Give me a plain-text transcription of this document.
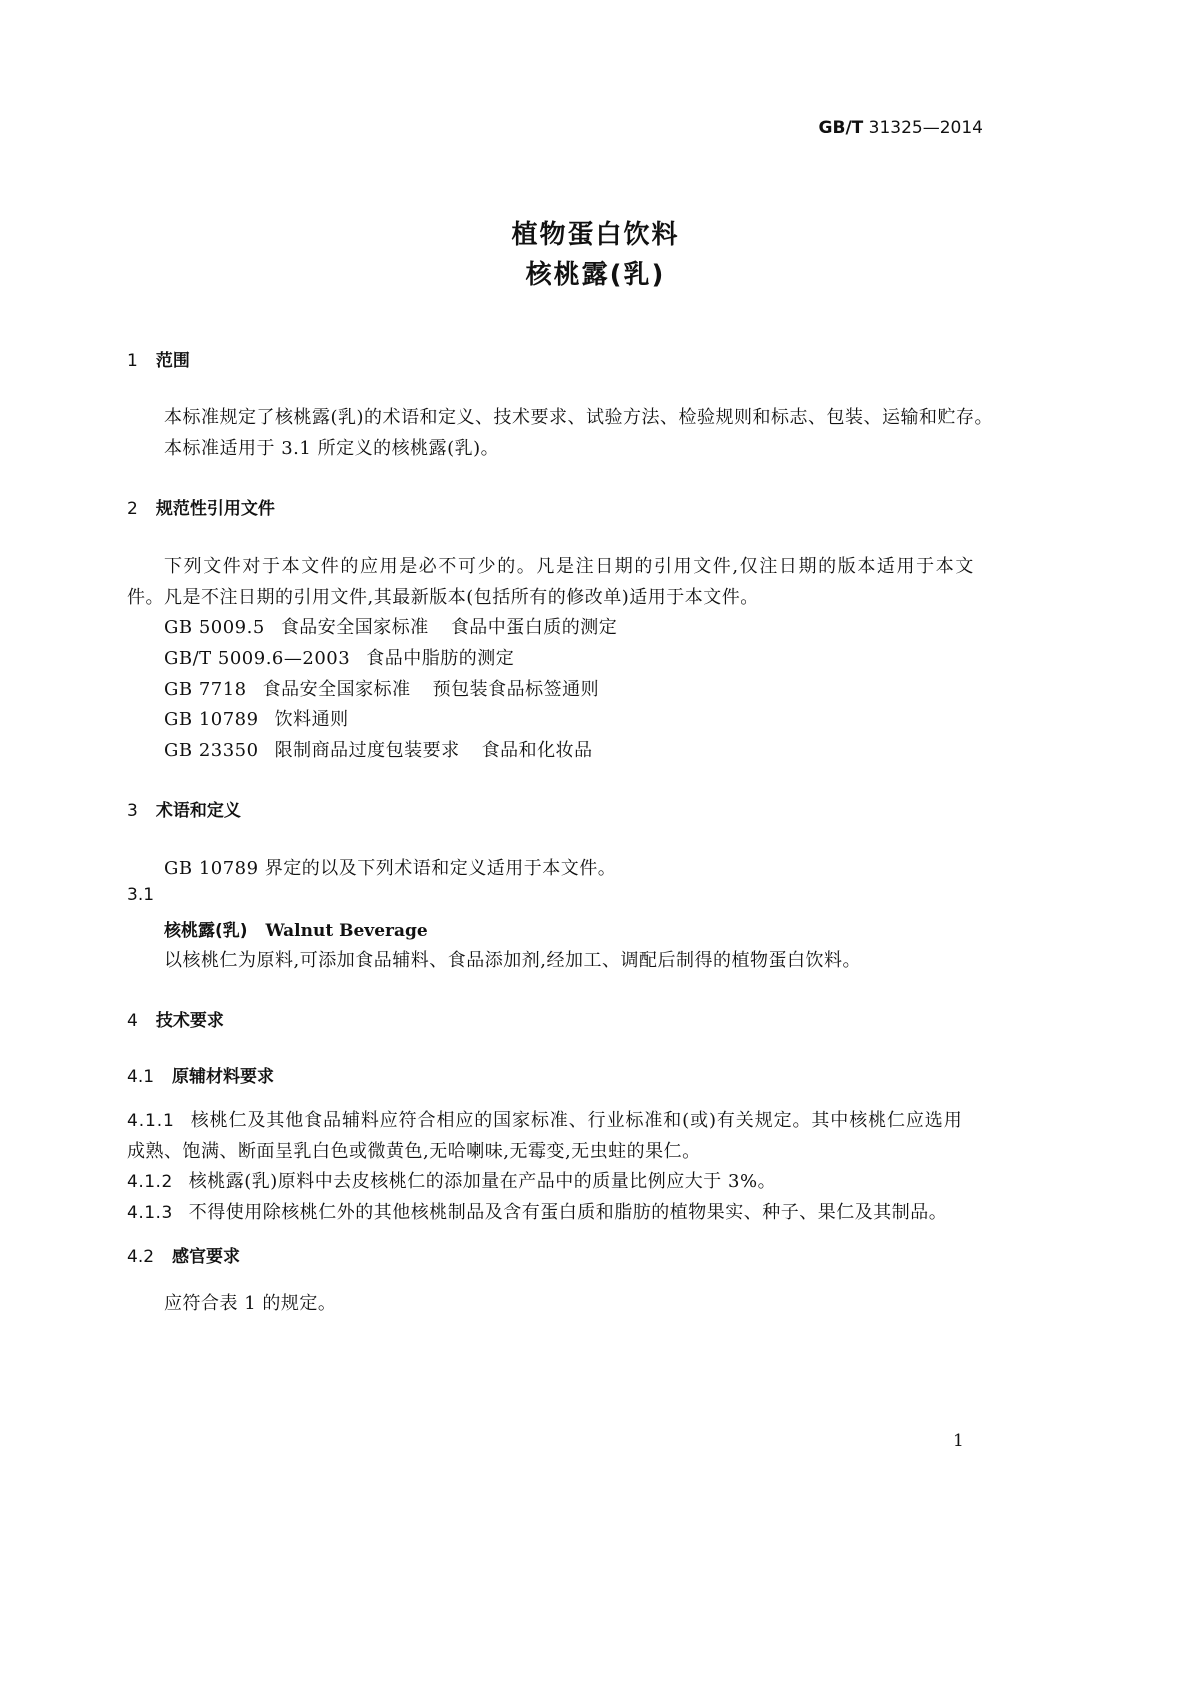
GB/T 31325—2014
植物蛋白饮料
核桃露(乳)
1 范围
本标准规定了核桃露(乳)的术语和定义、技术要求、试验方法、检验规则和标志、包装、运输和贮存。
本标准适用于 3.1 所定义的核桃露(乳)。
2 规范性引用文件
下列文件对于本文件的应用是必不可少的。凡是注日期的引用文件,仅注日期的版本适用于本文
件。凡是不注日期的引用文件,其最新版本(包括所有的修改单)适用于本文件。
GB 5009.5 食品安全国家标准 食品中蛋白质的测定
GB/T 5009.6—2003 食品中脂肪的测定
GB 7718 食品安全国家标准 预包装食品标签通则
GB 10789 饮料通则
GB 23350 限制商品过度包装要求 食品和化妆品
3 术语和定义
GB 10789 界定的以及下列术语和定义适用于本文件。
3.1
核桃露(乳) Walnut Beverage
以核桃仁为原料,可添加食品辅料、食品添加剂,经加工、调配后制得的植物蛋白饮料。
4 技术要求
4.1 原辅材料要求
4.1.1 核桃仁及其他食品辅料应符合相应的国家标准、行业标准和(或)有关规定。其中核桃仁应选用
成熟、饱满、断面呈乳白色或微黄色,无哈喇味,无霉变,无虫蛀的果仁。
4.1.2 核桃露(乳)原料中去皮核桃仁的添加量在产品中的质量比例应大于 3%。
4.1.3 不得使用除核桃仁外的其他核桃制品及含有蛋白质和脂肪的植物果实、种子、果仁及其制品。
4.2 感官要求
应符合表 1 的规定。
1
